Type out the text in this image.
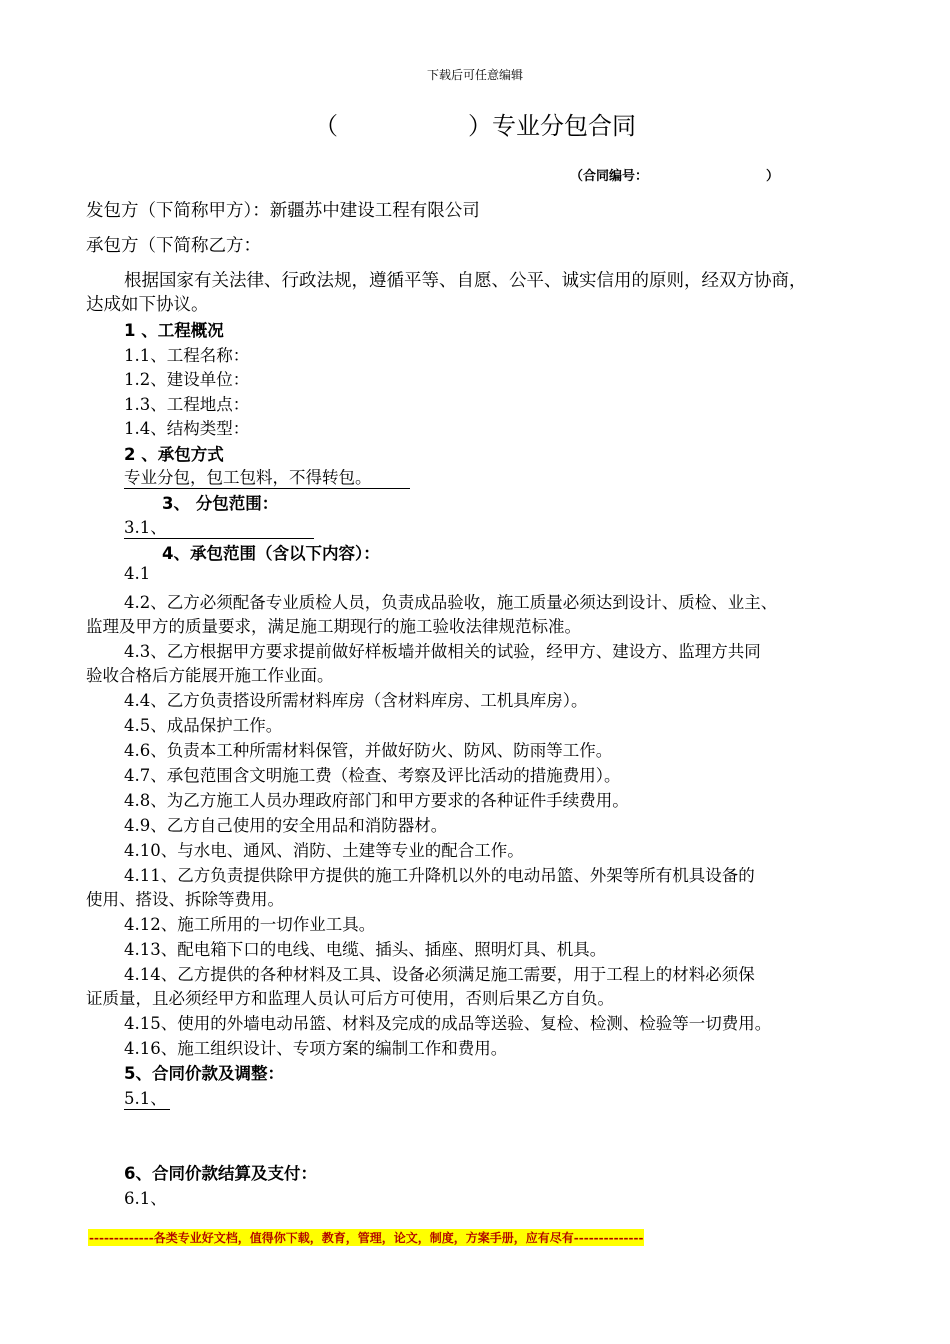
下载后可任意编辑
（	）专业分包合同
（合同编号：	）
发包方（下简称甲方）：新疆苏中建设工程有限公司
承包方（下简称乙方：
根据国家有关法律、行政法规，遵循平等、自愿、公平、诚实信用的原则，经双方协商，
达成如下协议。
1 、工程概况
1.1、工程名称：
1.2、建设单位：
1.3、工程地点：
1.4、结构类型：
2 、承包方式
专业分包，包工包料，不得转包。
3、 分包范围：
3.1、
4、承包范围（含以下内容）：
4.1
4.2、乙方必须配备专业质检人员，负责成品验收，施工质量必须达到设计、质检、业主、
监理及甲方的质量要求，满足施工期现行的施工验收法律规范标准。
4.3、乙方根据甲方要求提前做好样板墙并做相关的试验，经甲方、建设方、监理方共同
验收合格后方能展开施工作业面。
4.4、乙方负责搭设所需材料库房（含材料库房、工机具库房）。
4.5、成品保护工作。
4.6、负责本工种所需材料保管，并做好防火、防风、防雨等工作。
4.7、承包范围含文明施工费（检查、考察及评比活动的措施费用）。
4.8、为乙方施工人员办理政府部门和甲方要求的各种证件手续费用。
4.9、乙方自己使用的安全用品和消防器材。
4.10、与水电、通风、消防、土建等专业的配合工作。
4.11、乙方负责提供除甲方提供的施工升降机以外的电动吊篮、外架等所有机具设备的
使用、搭设、拆除等费用。
4.12、施工所用的一切作业工具。
4.13、配电箱下口的电线、电缆、插头、插座、照明灯具、机具。
4.14、乙方提供的各种材料及工具、设备必须满足施工需要，用于工程上的材料必须保
证质量，且必须经甲方和监理人员认可后方可使用，否则后果乙方自负。
4.15、使用的外墙电动吊篮、材料及完成的成品等送验、复检、检测、检验等一切费用。
4.16、施工组织设计、专项方案的编制工作和费用。
5、合同价款及调整：
5.1、
6、合同价款结算及支付：
6.1、
-------------各类专业好文档，值得你下载，教育，管理，论文，制度，方案手册，应有尽有--------------
